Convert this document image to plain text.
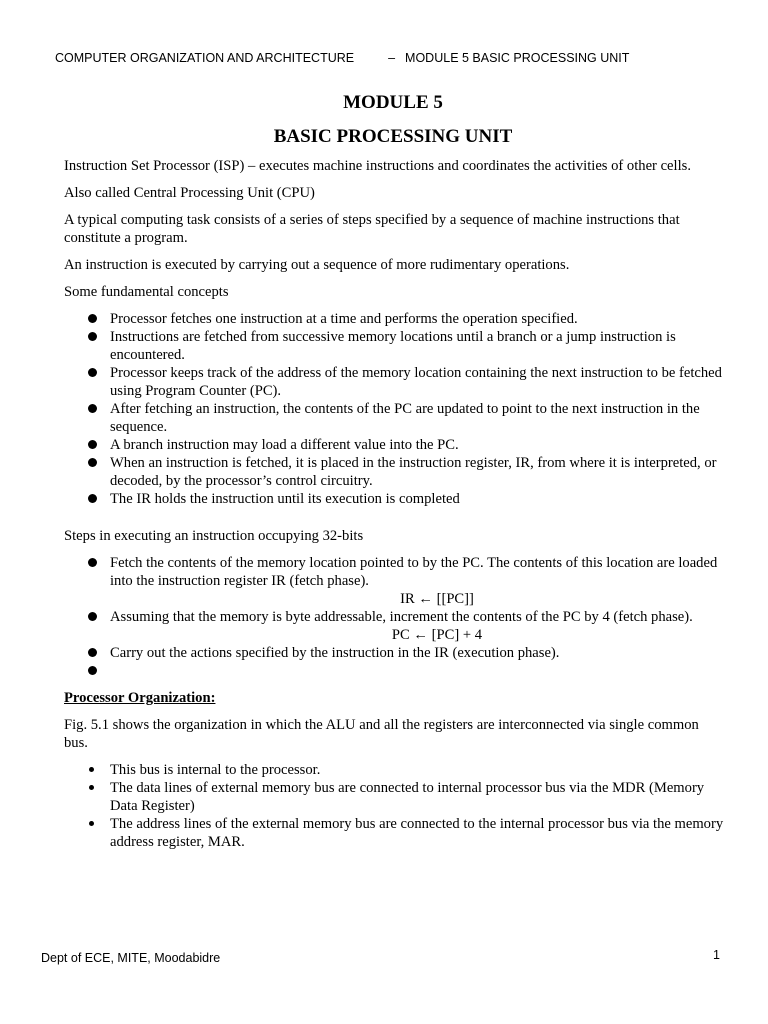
COMPUTER ORGANIZATION AND ARCHITECTURE	– MODULE 5 BASIC PROCESSING UNIT
MODULE 5
BASIC PROCESSING UNIT

Instruction Set Processor (ISP) – executes machine instructions and coordinates the activities of other cells.

Also called Central Processing Unit (CPU)

A typical computing task consists of a series of steps specified by a sequence of machine instructions that constitute a program.

An instruction is executed by carrying out a sequence of more rudimentary operations.

Some fundamental concepts

Processor fetches one instruction at a time and performs the operation specified.
Instructions are fetched from successive memory locations until a branch or a jump instruction is encountered.
Processor keeps track of the address of the memory location containing the next instruction to be fetched using Program Counter (PC).
After fetching an instruction, the contents of the PC are updated to point to the next instruction in the sequence.
A branch instruction may load a different value into the PC.
When an instruction is fetched, it is placed in the instruction register, IR, from where it is interpreted, or decoded, by the processor’s control circuitry.
The IR holds the instruction until its execution is completed

Steps in executing an instruction occupying 32-bits

Fetch the contents of the memory location pointed to by the PC. The contents of this location are loaded into the instruction register IR (fetch phase).
IR ← [[PC]]
Assuming that the memory is byte addressable, increment the contents of the PC by 4 (fetch phase).
PC ← [PC] + 4
Carry out the actions specified by the instruction in the IR (execution phase).

Processor Organization:

Fig. 5.1 shows the organization in which the ALU and all the registers are interconnected via single common bus.

This bus is internal to the processor.
The data lines of external memory bus are connected to internal processor bus via the MDR (Memory Data Register)
The address lines of the external memory bus are connected to the internal processor bus via the memory address register, MAR.
Dept of ECE, MITE, Moodabidre	1
